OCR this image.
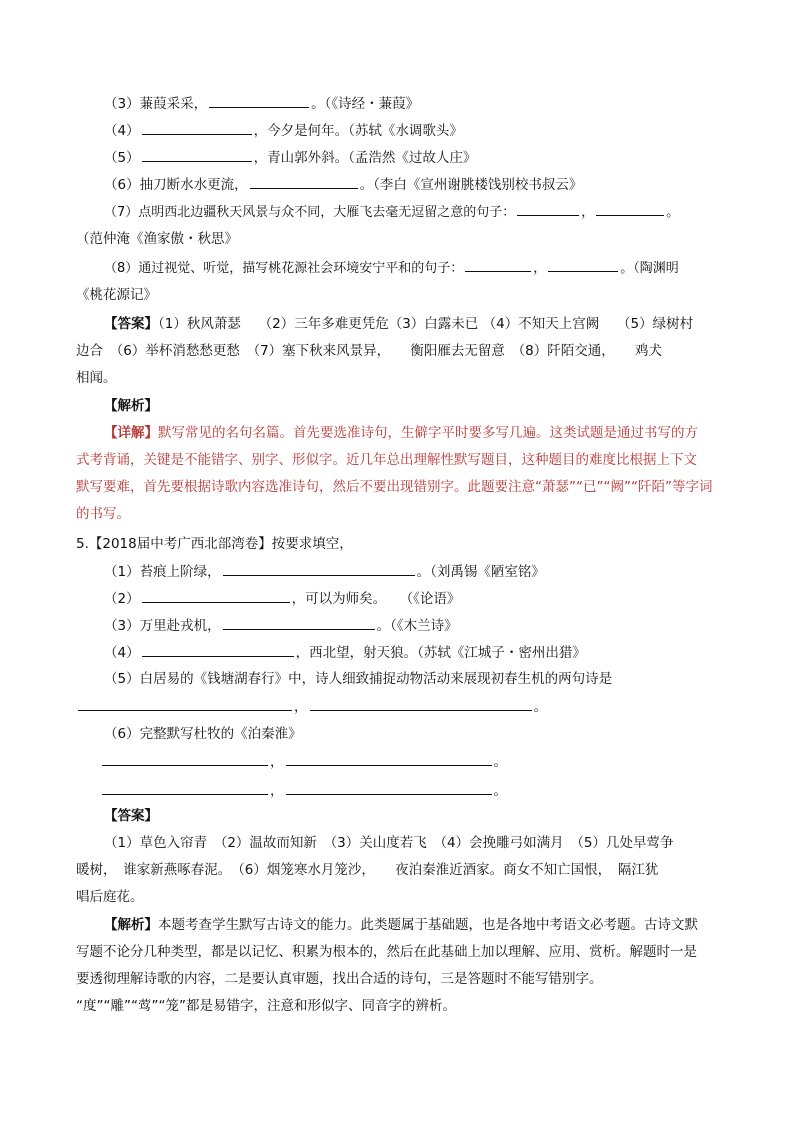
（3）蒹葭采采，	。（《诗经・蒹葭》
（4）	，今夕是何年。（苏轼《水调歌头》
（5）	，青山郭外斜。（孟浩然《过故人庄》
（6）抽刀断水水更流，	。（李白《宣州谢朓楼饯别校书叔云》
（7）点明西北边疆秋天风景与众不同，大雁飞去毫无逗留之意的句子：	，	。
（范仲淹《渔家傲・秋思》
（8）通过视觉、听觉，描写桃花源社会环境安宁平和的句子：	，	。（陶渊明
《桃花源记》
【答案】（1）秋风萧瑟　 （2）三年多难更凭危（3）白露未已 （4）不知天上宫阙　 （5）绿树村
边合　（6）举杯消愁愁更愁　（7）塞下秋来风景异，　　衡阳雁去无留意　（8）阡陌交通，　　鸡犬
相闻。
【解析】
【详解】默写常见的名句名篇。首先要选准诗句，生僻字平时要多写几遍。这类试题是通过书写的方
式考背诵，关键是不能错字、别字、形似字。近几年总出理解性默写题目，这种题目的难度比根据上下文
默写要难，首先要根据诗歌内容选准诗句，然后不要出现错别字。此题要注意“萧瑟”“已”“阙”“阡陌”等字词
的书写。
5.【2018届中考广西北部湾卷】按要求填空，
（1）苔痕上阶绿，	。（刘禹锡《陋室铭》
（2）	，可以为师矣。　　（《论语》
（3）万里赴戎机，	。（《木兰诗》
（4）	，西北望，射天狼。（苏轼《江城子・密州出猎》
（5）白居易的《钱塘湖春行》中，诗人细致捕捉动物活动来展现初春生机的两句诗是
，	。
（6）完整默写杜牧的《泊秦淮》
，	。
，	。
【答案】
（1）草色入帘青　（2）温故而知新　（3）关山度若飞　（4）会挽雕弓如满月　（5）几处早莺争
暖树，　谁家新燕啄春泥。　（6）烟笼寒水月笼沙，　　夜泊秦淮近酒家。商女不知亡国恨，　隔江犹
唱后庭花。
【解析】本题考查学生默写古诗文的能力。此类题属于基础题，也是各地中考语文必考题。古诗文默
写题不论分几种类型，都是以记忆、积累为根本的，然后在此基础上加以理解、应用、赏析。解题时一是
要透彻理解诗歌的内容，二是要认真审题，找出合适的诗句，三是答题时不能写错别字。
“度”“雕”“莺”“笼”都是易错字，注意和形似字、同音字的辨析。
